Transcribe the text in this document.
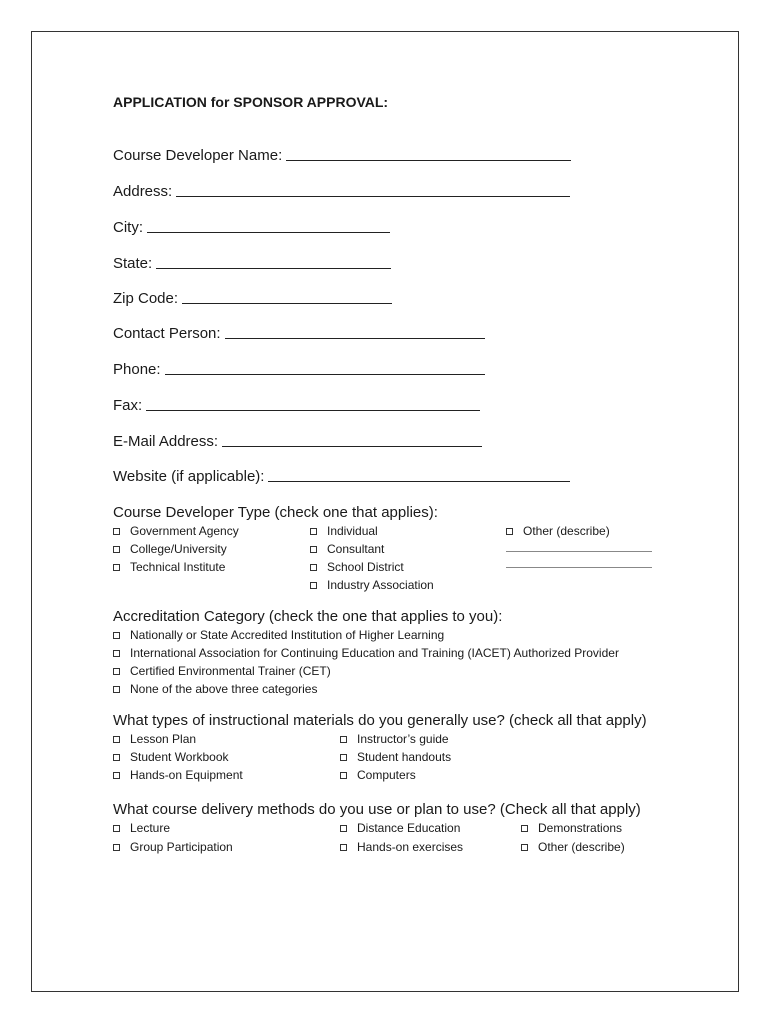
APPLICATION for SPONSOR APPROVAL:
Course Developer Name:
Address:
City:
State:
Zip Code:
Contact Person:
Phone:
Fax:
E-Mail Address:
Website (if applicable):

Course Developer Type (check one that applies):

Government Agency
College/University
Technical Institute
Individual
Consultant
School District
Industry Association
Other (describe)

Accreditation Category (check the one that applies to you):

Nationally or State Accredited Institution of Higher Learning
International Association for Continuing Education and Training (IACET) Authorized Provider
Certified Environmental Trainer (CET)
None of the above three categories

What types of instructional materials do you generally use? (check all that apply)

Lesson Plan
Student Workbook
Hands-on Equipment
Instructor’s guide
Student handouts
Computers

What course delivery methods do you use or plan to use? (Check all that apply)

Lecture
Group Participation
Distance Education
Hands-on exercises
Demonstrations
Other (describe)
